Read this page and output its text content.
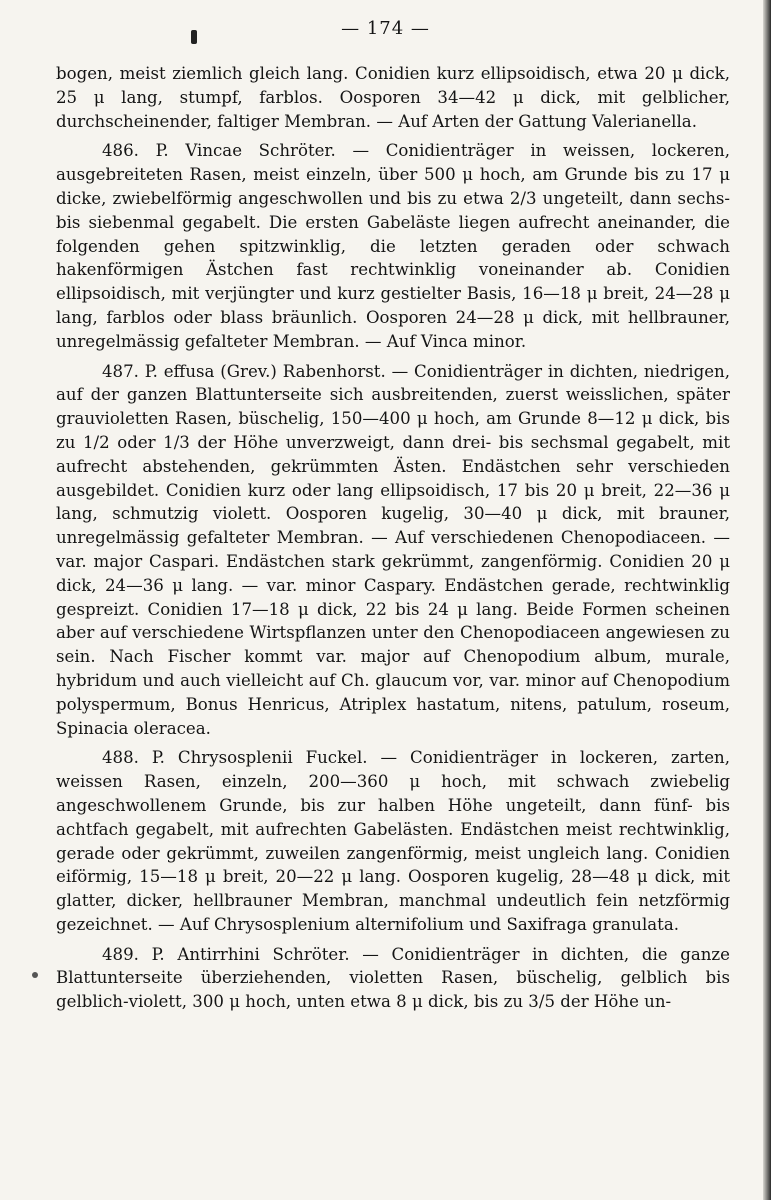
— 174 —

bogen, meist ziemlich gleich lang. Conidien kurz ellipsoidisch, etwa 20 μ dick, 25 μ lang, stumpf, farblos. Oosporen 34—42 μ dick, mit gelblicher, durchscheinender, faltiger Membran. — Auf Arten der Gattung Valerianella.

486. P. Vincae Schröter. — Conidienträger in weissen, lockeren, ausgebreiteten Rasen, meist einzeln, über 500 μ hoch, am Grunde bis zu 17 μ dicke, zwiebelförmig angeschwollen und bis zu etwa 2/3 ungeteilt, dann sechs- bis siebenmal gegabelt. Die ersten Gabeläste liegen aufrecht aneinander, die folgenden gehen spitzwinklig, die letzten geraden oder schwach hakenförmigen Ästchen fast rechtwinklig voneinander ab. Conidien ellipsoidisch, mit verjüngter und kurz gestielter Basis, 16—18 μ breit, 24—28 μ lang, farblos oder blass bräunlich. Oosporen 24—28 μ dick, mit hellbrauner, unregelmässig gefalteter Membran. — Auf Vinca minor.

487. P. effusa (Grev.) Rabenhorst. — Conidienträger in dichten, niedrigen, auf der ganzen Blattunterseite sich ausbreitenden, zuerst weisslichen, später grauvioletten Rasen, büschelig, 150—400 μ hoch, am Grunde 8—12 μ dick, bis zu 1/2 oder 1/3 der Höhe unverzweigt, dann drei- bis sechsmal gegabelt, mit aufrecht abstehenden, gekrümmten Ästen. Endästchen sehr verschieden ausgebildet. Conidien kurz oder lang ellipsoidisch, 17 bis 20 μ breit, 22—36 μ lang, schmutzig violett. Oosporen kugelig, 30—40 μ dick, mit brauner, unregelmässig gefalteter Membran. — Auf verschiedenen Chenopodiaceen. — var. major Caspari. Endästchen stark gekrümmt, zangenförmig. Conidien 20 μ dick, 24—36 μ lang. — var. minor Caspary. Endästchen gerade, rechtwinklig gespreizt. Conidien 17—18 μ dick, 22 bis 24 μ lang. Beide Formen scheinen aber auf verschiedene Wirtspflanzen unter den Chenopodiaceen angewiesen zu sein. Nach Fischer kommt var. major auf Chenopodium album, murale, hybridum und auch vielleicht auf Ch. glaucum vor, var. minor auf Chenopodium polyspermum, Bonus Henricus, Atriplex hastatum, nitens, patulum, roseum, Spinacia oleracea.

488. P. Chrysosplenii Fuckel. — Conidienträger in lockeren, zarten, weissen Rasen, einzeln, 200—360 μ hoch, mit schwach zwiebelig angeschwollenem Grunde, bis zur halben Höhe ungeteilt, dann fünf- bis achtfach gegabelt, mit aufrechten Gabelästen. Endästchen meist rechtwinklig, gerade oder gekrümmt, zuweilen zangenförmig, meist ungleich lang. Conidien eiförmig, 15—18 μ breit, 20—22 μ lang. Oosporen kugelig, 28—48 μ dick, mit glatter, dicker, hellbrauner Membran, manchmal undeutlich fein netzförmig gezeichnet. — Auf Chrysosplenium alternifolium und Saxifraga granulata.

489. P. Antirrhini Schröter. — Conidienträger in dichten, die ganze Blattunterseite überziehenden, violetten Rasen, büschelig, gelblich bis gelblich-violett, 300 μ hoch, unten etwa 8 μ dick, bis zu 3/5 der Höhe un-
